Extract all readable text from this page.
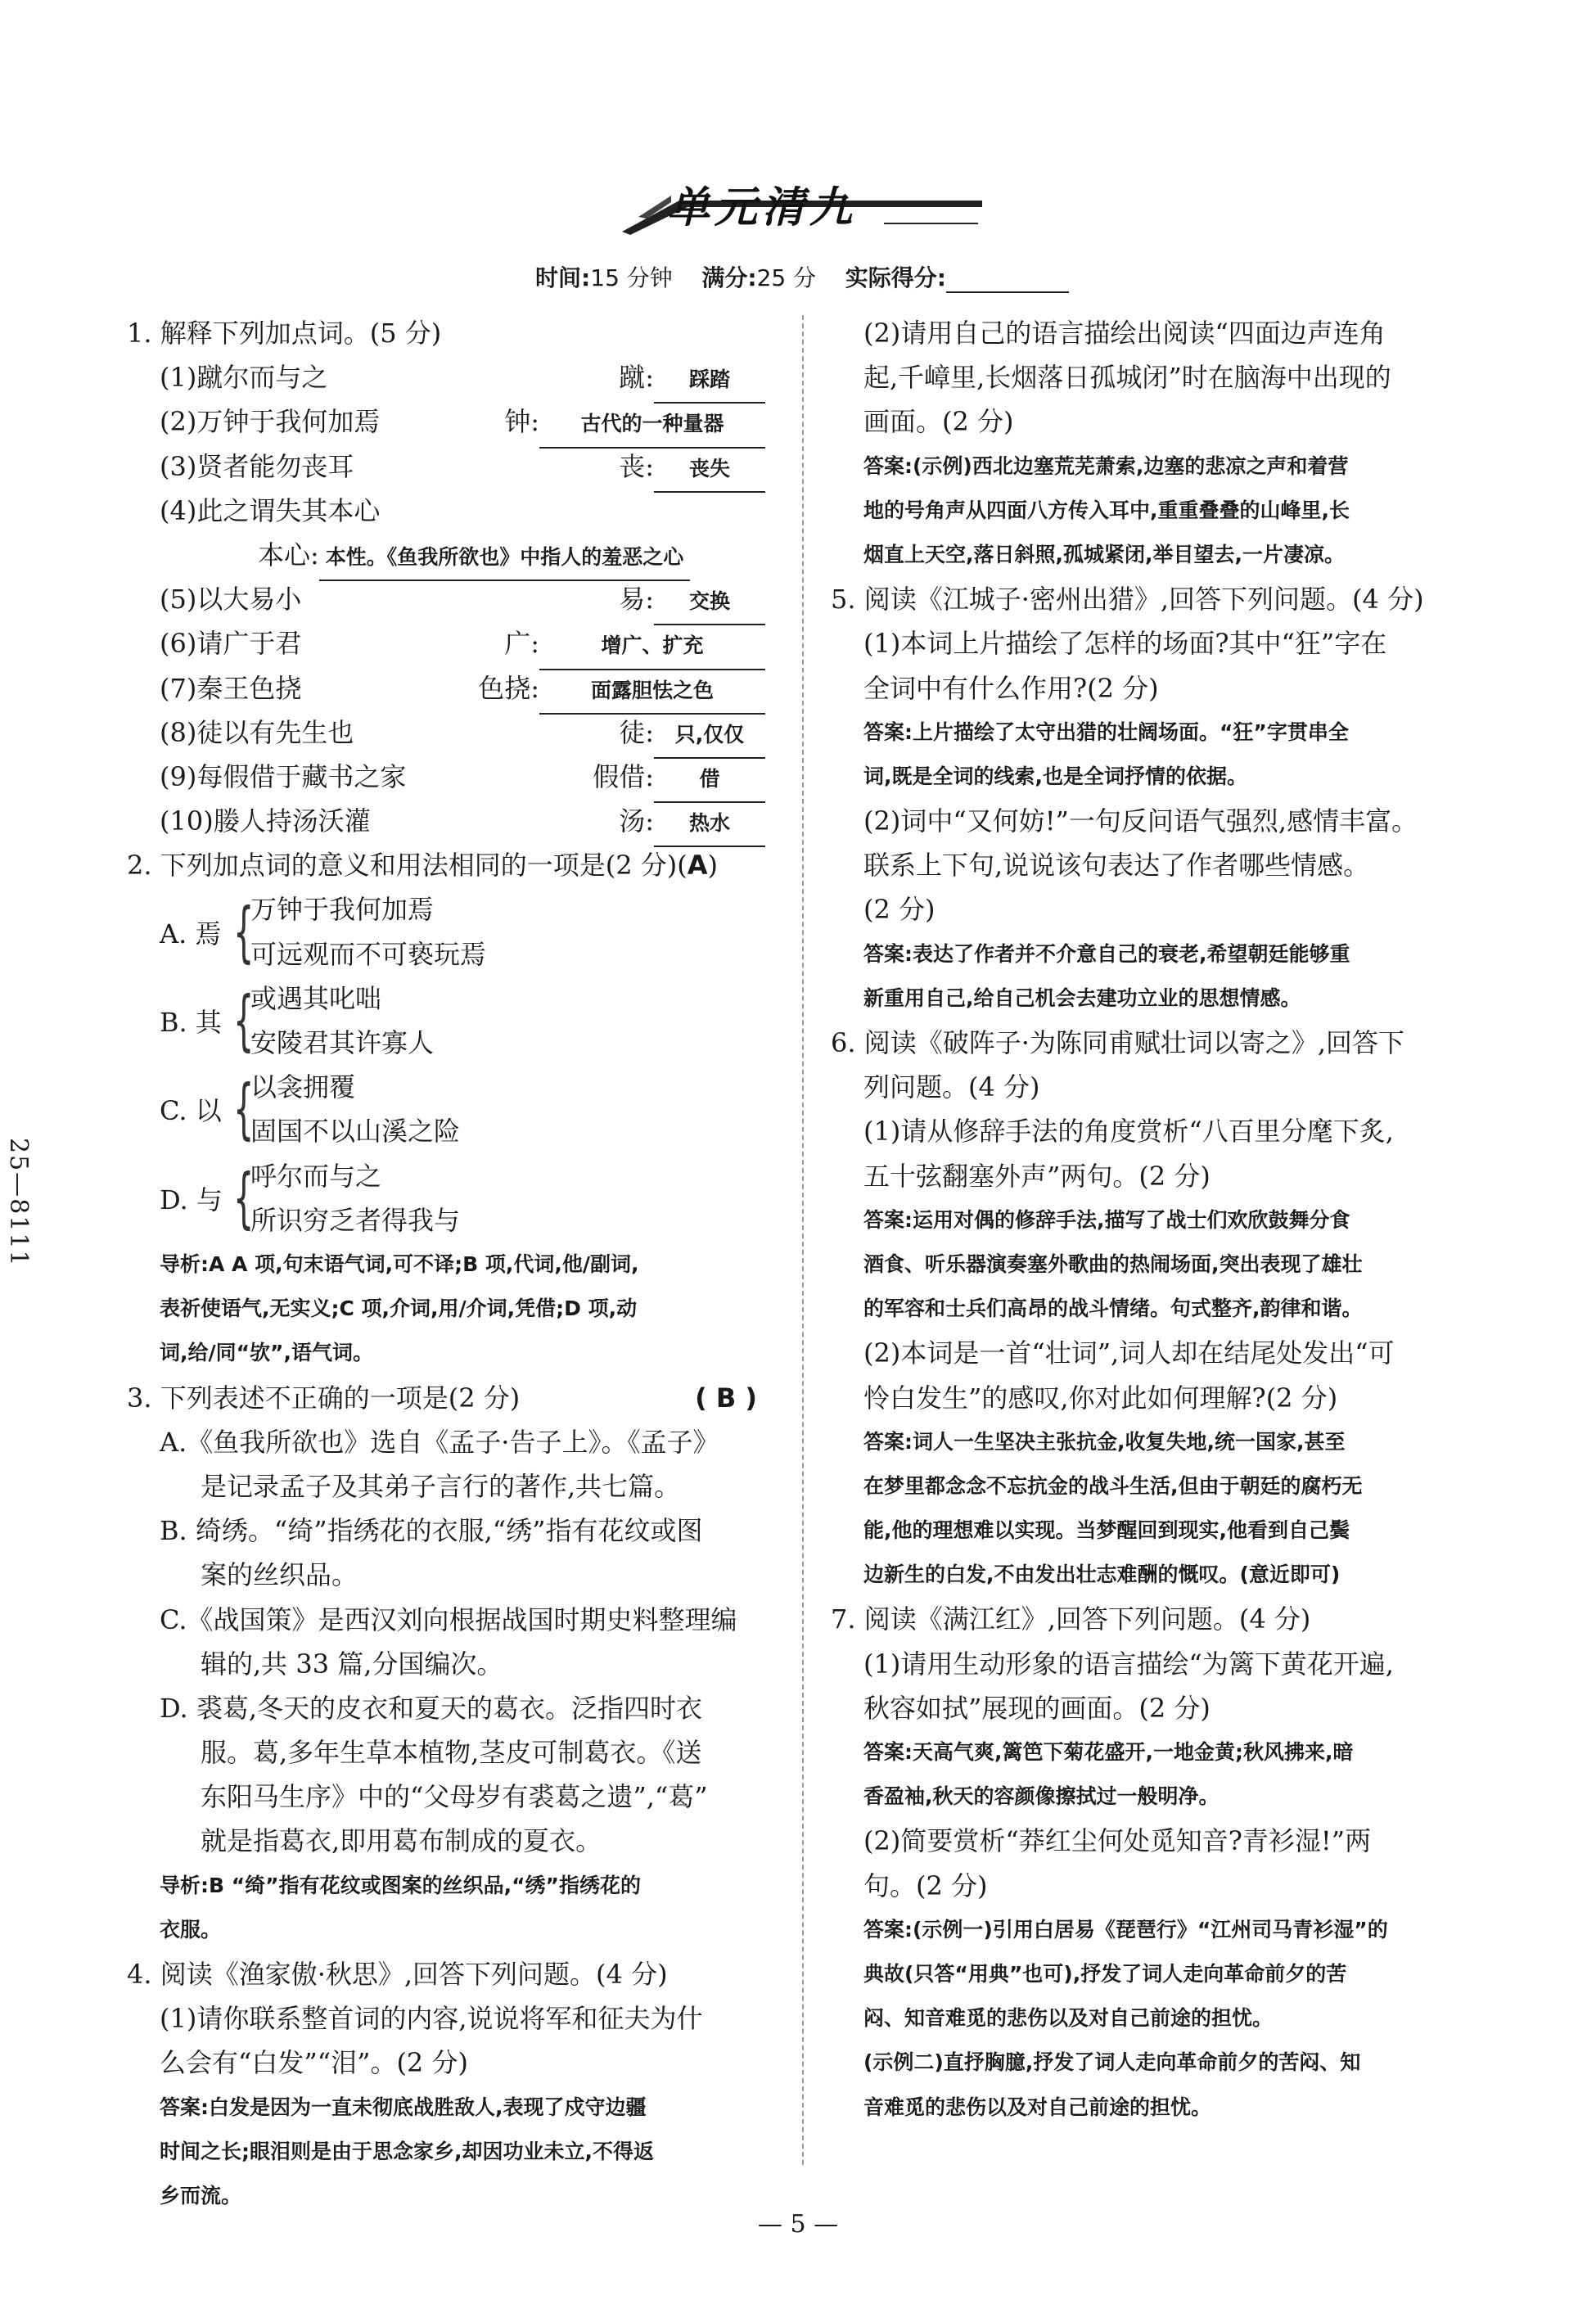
单元清九
时间:15 分钟 满分:25 分 实际得分:
25—8111
1. 解释下列加点词。(5 分)
(1)蹴尔而与之	蹴:	踩踏
(2)万钟于我何加焉	钟:	古代的一种量器
(3)贤者能勿丧耳	丧:	丧失
(4)此之谓失其本心
本心: 本性。《鱼我所欲也》中指人的羞恶之心
(5)以大易小	易:	交换
(6)请广于君	广:	增广、扩充
(7)秦王色挠	色挠:	面露胆怯之色
(8)徒以有先生也	徒:	只,仅仅
(9)每假借于藏书之家	假借:	借
(10)媵人持汤沃灌	汤:	热水
2. 下列加点词的意义和用法相同的一项是(2 分)(A)
A. 焉 {
万钟于我何加焉
可远观而不可亵玩焉
B. 其 {
或遇其叱咄
安陵君其许寡人
C. 以 {
以衾拥覆
固国不以山溪之险
D. 与 {
呼尔而与之
所识穷乏者得我与
导析:A A 项,句末语气词,可不译;B 项,代词,他/副词,
表祈使语气,无实义;C 项,介词,用/介词,凭借;D 项,动
词,给/同“欤”,语气词。
3. 下列表述不正确的一项是(2 分)	( B )
A.《鱼我所欲也》选自《孟子·告子上》。《孟子》
是记录孟子及其弟子言行的著作,共七篇。
B. 绮绣。“绮”指绣花的衣服,“绣”指有花纹或图
案的丝织品。
C.《战国策》是西汉刘向根据战国时期史料整理编
辑的,共 33 篇,分国编次。
D. 裘葛,冬天的皮衣和夏天的葛衣。泛指四时衣
服。葛,多年生草本植物,茎皮可制葛衣。《送
东阳马生序》中的“父母岁有裘葛之遗”,“葛”
就是指葛衣,即用葛布制成的夏衣。
导析:B “绮”指有花纹或图案的丝织品,“绣”指绣花的
衣服。
4. 阅读《渔家傲·秋思》,回答下列问题。(4 分)
(1)请你联系整首词的内容,说说将军和征夫为什
么会有“白发”“泪”。(2 分)
答案:白发是因为一直未彻底战胜敌人,表现了戍守边疆
时间之长;眼泪则是由于思念家乡,却因功业未立,不得返
乡而流。
(2)请用自己的语言描绘出阅读“四面边声连角
起,千嶂里,长烟落日孤城闭”时在脑海中出现的
画面。(2 分)
答案:(示例)西北边塞荒芜萧索,边塞的悲凉之声和着营
地的号角声从四面八方传入耳中,重重叠叠的山峰里,长
烟直上天空,落日斜照,孤城紧闭,举目望去,一片凄凉。
5. 阅读《江城子·密州出猎》,回答下列问题。(4 分)
(1)本词上片描绘了怎样的场面?其中“狂”字在
全词中有什么作用?(2 分)
答案:上片描绘了太守出猎的壮阔场面。“狂”字贯串全
词,既是全词的线索,也是全词抒情的依据。
(2)词中“又何妨!”一句反问语气强烈,感情丰富。
联系上下句,说说该句表达了作者哪些情感。
(2 分)
答案:表达了作者并不介意自己的衰老,希望朝廷能够重
新重用自己,给自己机会去建功立业的思想情感。
6. 阅读《破阵子·为陈同甫赋壮词以寄之》,回答下
列问题。(4 分)
(1)请从修辞手法的角度赏析“八百里分麾下炙,
五十弦翻塞外声”两句。(2 分)
答案:运用对偶的修辞手法,描写了战士们欢欣鼓舞分食
酒食、听乐器演奏塞外歌曲的热闹场面,突出表现了雄壮
的军容和士兵们高昂的战斗情绪。句式整齐,韵律和谐。
(2)本词是一首“壮词”,词人却在结尾处发出“可
怜白发生”的感叹,你对此如何理解?(2 分)
答案:词人一生坚决主张抗金,收复失地,统一国家,甚至
在梦里都念念不忘抗金的战斗生活,但由于朝廷的腐朽无
能,他的理想难以实现。当梦醒回到现实,他看到自己鬓
边新生的白发,不由发出壮志难酬的慨叹。(意近即可)
7. 阅读《满江红》,回答下列问题。(4 分)
(1)请用生动形象的语言描绘“为篱下黄花开遍,
秋容如拭”展现的画面。(2 分)
答案:天高气爽,篱笆下菊花盛开,一地金黄;秋风拂来,暗
香盈袖,秋天的容颜像擦拭过一般明净。
(2)简要赏析“莽红尘何处觅知音?青衫湿!”两
句。(2 分)
答案:(示例一)引用白居易《琵琶行》“江州司马青衫湿”的
典故(只答“用典”也可),抒发了词人走向革命前夕的苦
闷、知音难觅的悲伤以及对自己前途的担忧。
(示例二)直抒胸臆,抒发了词人走向革命前夕的苦闷、知
音难觅的悲伤以及对自己前途的担忧。
— 5 —
